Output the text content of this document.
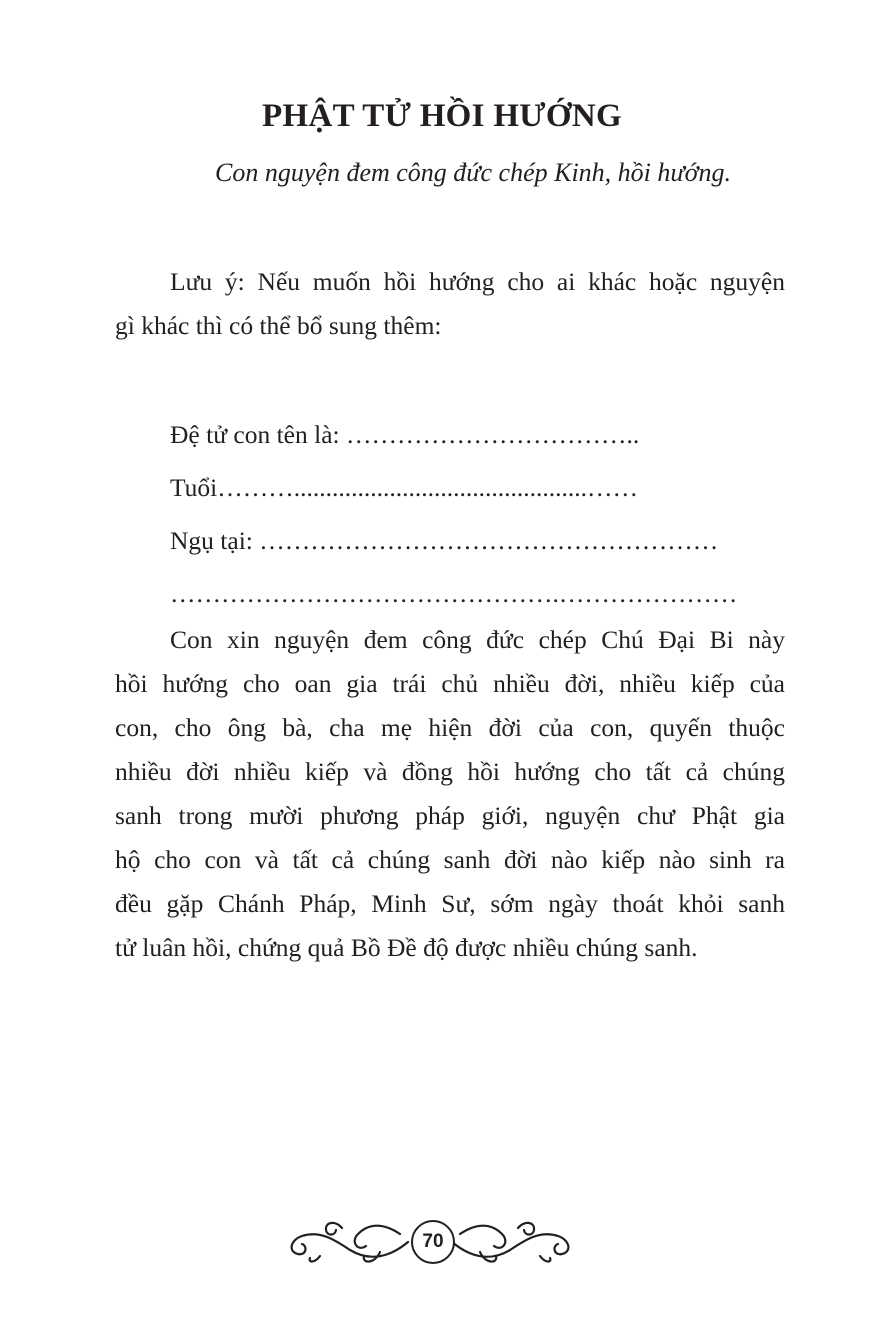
PHẬT TỬ HỒI HƯỚNG
Con nguyện đem công đức chép Kinh, hồi hướng.
Lưu ý: Nếu muốn hồi hướng cho ai khác hoặc nguyện
gì khác thì có thể bổ sung thêm:
Đệ tử con tên là: ……………………………..
Tuổi………..............................................……
Ngụ tại: ………………………………………………
……………………………………….…………………
Con xin nguyện đem công đức chép Chú Đại Bi này
hồi hướng cho oan gia trái chủ nhiều đời, nhiều kiếp của
con, cho ông bà, cha mẹ hiện đời của con, quyến thuộc
nhiều đời nhiều kiếp và đồng hồi hướng cho tất cả chúng
sanh trong mười phương pháp giới, nguyện chư Phật gia
hộ cho con và tất cả chúng sanh đời nào kiếp nào sinh ra
đều gặp Chánh Pháp, Minh Sư, sớm ngày thoát khỏi sanh
tử luân hồi, chứng quả Bồ Đề độ được nhiều chúng sanh.
70
